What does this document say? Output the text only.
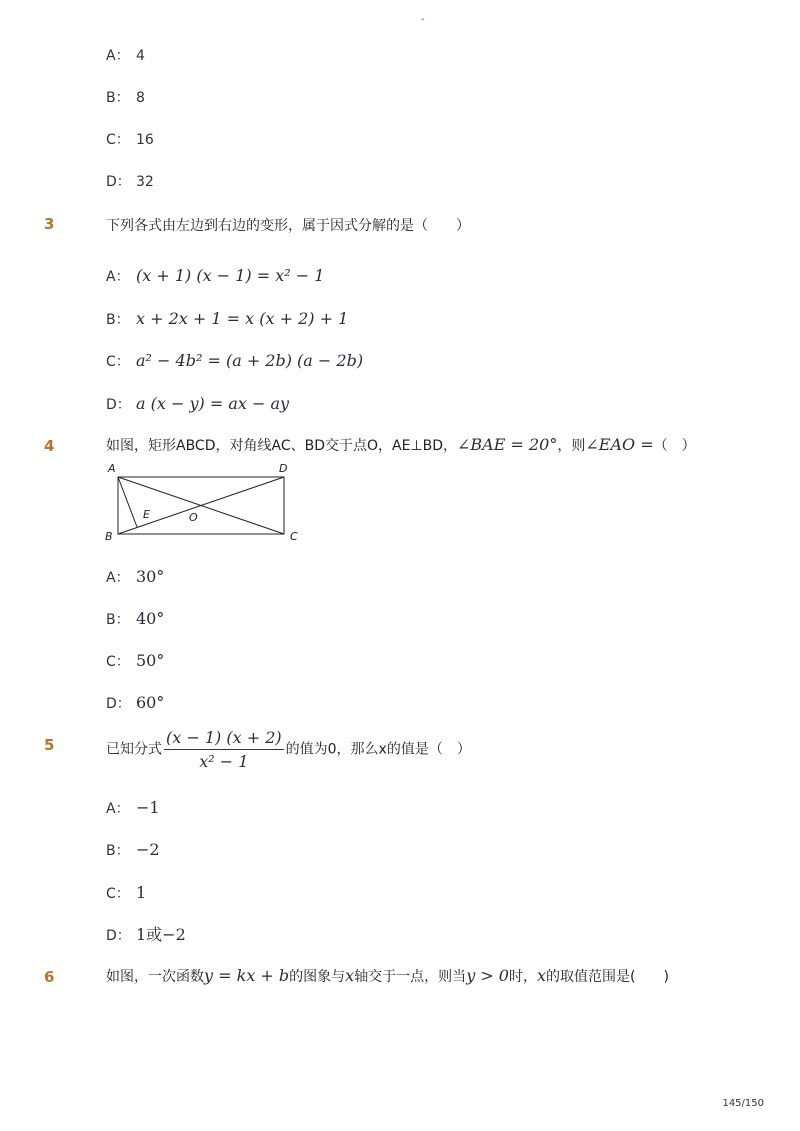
-
A： 4
B： 8
C： 16
D： 32
3	下列各式由左边到右边的变形，属于因式分解的是（　　）
A： (x + 1) (x − 1) = x² − 1
B： x + 2x + 1 = x (x + 2) + 1
C： a² − 4b² = (a + 2b) (a − 2b)
D： a (x − y) = ax − ay
4	如图，矩形ABCD，对角线AC、BD交于点O，AE⊥BD，∠BAE = 20°，则∠EAO =（　）
A	D
B	C
E	O
A： 30°
B： 40°
C： 50°
D： 60°
5	已知分式 $\frac{(x - 1) (x + 2)}{\text{x² − 1}}$ 的值为0，那么x的值是（　）
A： −1
B： −2
C： 1
D： 1或−2
6	如图，一次函数y = kx + b的图象与x轴交于一点，则当y > 0时，x的取值范围是(　　)
145/150
